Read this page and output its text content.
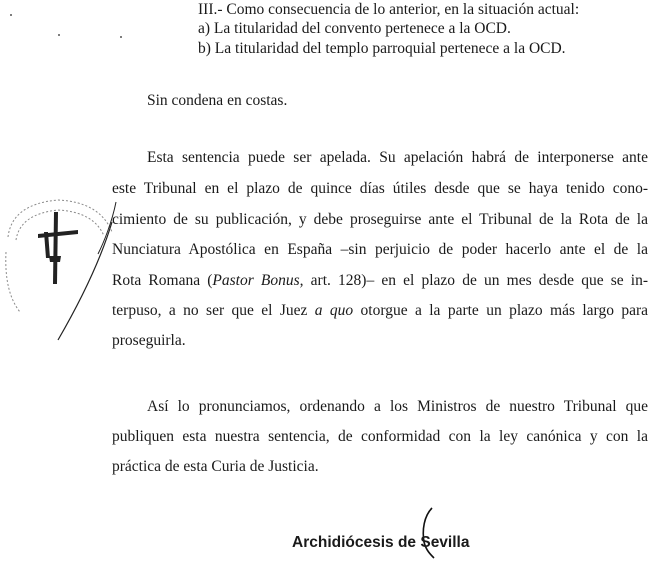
III.- Como consecuencia de lo anterior, en la situación actual:
a) La titularidad del convento pertenece a la OCD.
b) La titularidad del templo parroquial pertenece a la OCD.
Sin condena en costas.
Esta sentencia puede ser apelada. Su apelación habrá de interponerse ante
este Tribunal en el plazo de quince días útiles desde que se haya tenido cono-
cimiento de su publicación, y debe proseguirse ante el Tribunal de la Rota de la
Nunciatura Apostólica en España –sin perjuicio de poder hacerlo ante el de la
Rota Romana (Pastor Bonus, art. 128)– en el plazo de un mes desde que se in-
terpuso, a no ser que el Juez a quo otorgue a la parte un plazo más largo para
proseguirla.
Así lo pronunciamos, ordenando a los Ministros de nuestro Tribunal que
publiquen esta nuestra sentencia, de conformidad con la ley canónica y con la
práctica de esta Curia de Justicia.
Archidiócesis de Sevilla
